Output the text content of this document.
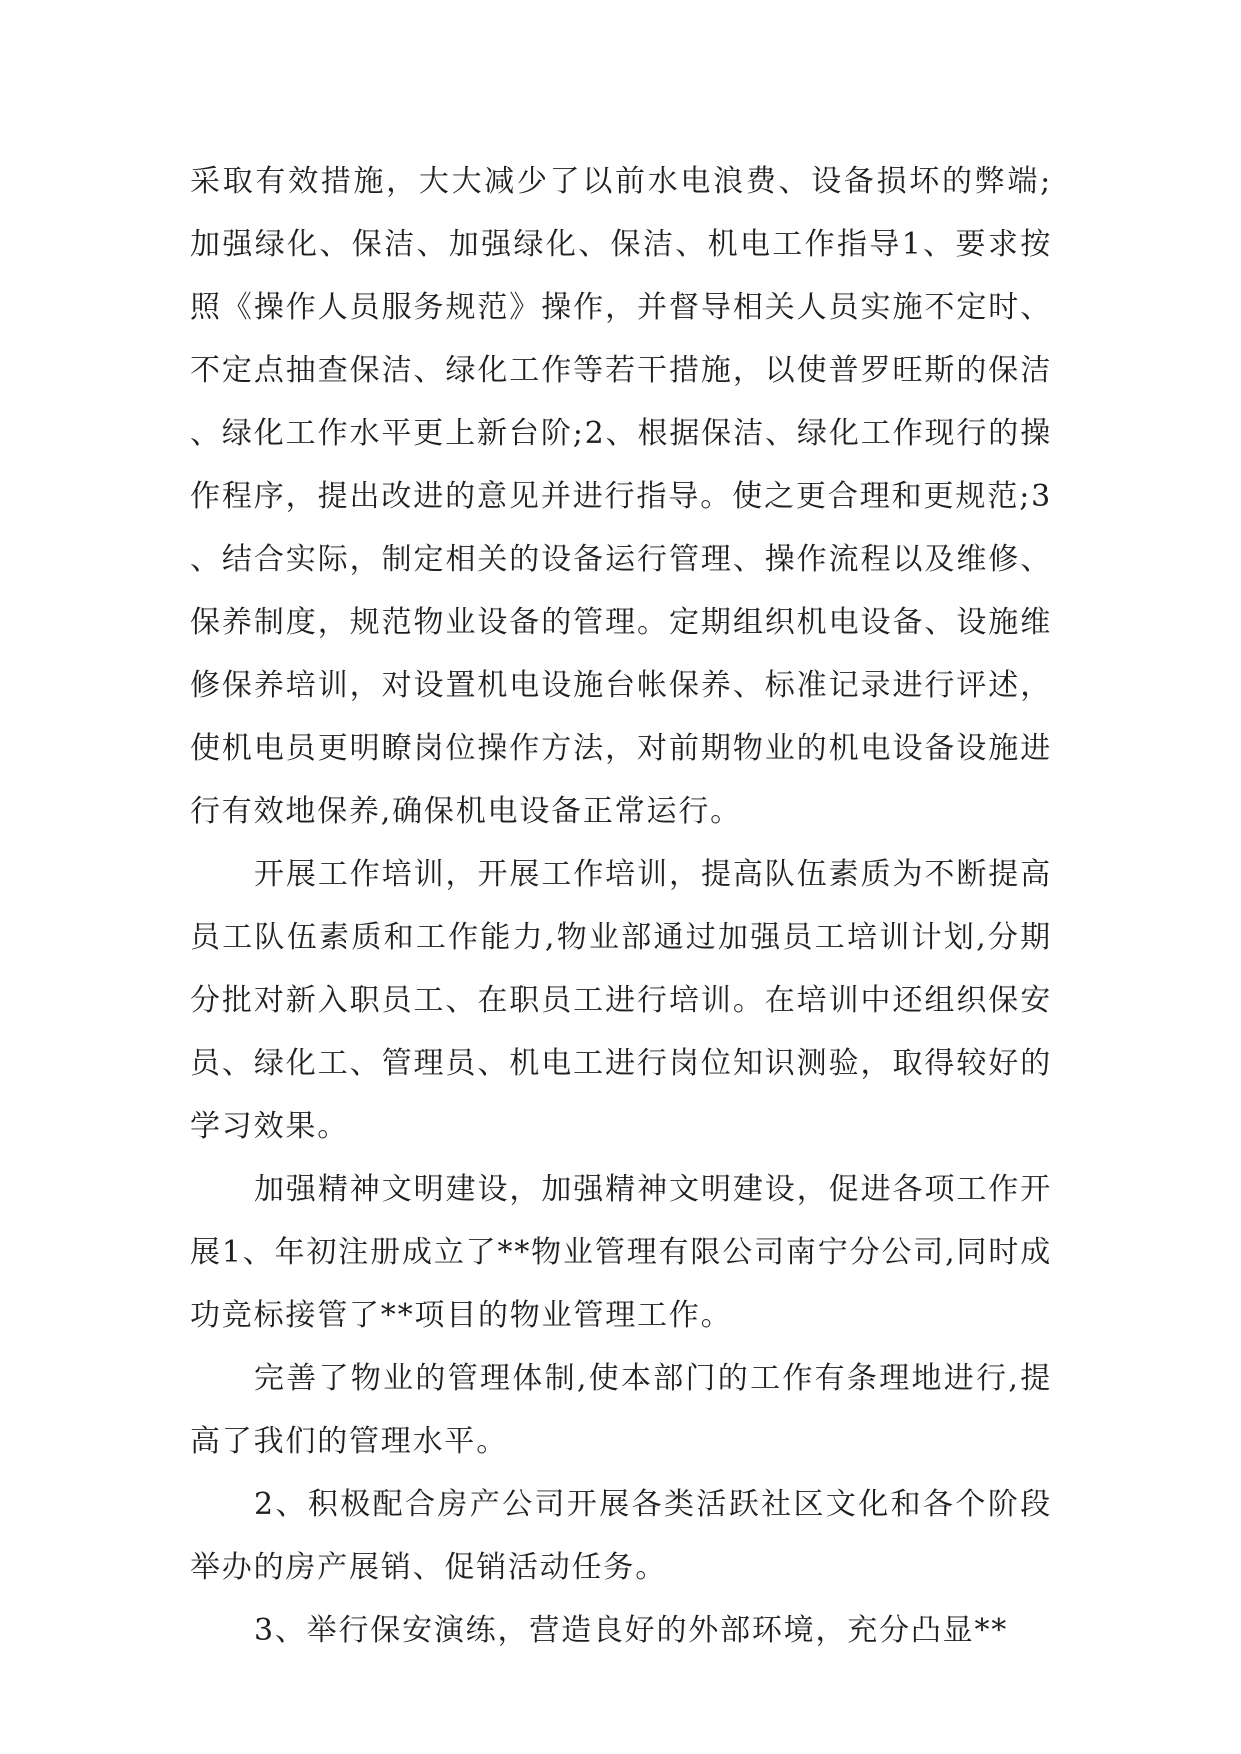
采取有效措施，大大减少了以前水电浪费、设备损坏的弊端;加强绿化、保洁、加强绿化、保洁、机电工作指导1、要求按照《操作人员服务规范》操作，并督导相关人员实施不定时、不定点抽查保洁、绿化工作等若干措施，以使普罗旺斯的保洁、绿化工作水平更上新台阶;2、根据保洁、绿化工作现行的操作程序，提出改进的意见并进行指导。使之更合理和更规范;3、结合实际，制定相关的设备运行管理、操作流程以及维修、保养制度，规范物业设备的管理。定期组织机电设备、设施维修保养培训，对设置机电设施台帐保养、标准记录进行评述，使机电员更明瞭岗位操作方法，对前期物业的机电设备设施进行有效地保养,确保机电设备正常运行。

开展工作培训，开展工作培训，提高队伍素质为不断提高员工队伍素质和工作能力,物业部通过加强员工培训计划,分期分批对新入职员工、在职员工进行培训。在培训中还组织保安员、绿化工、管理员、机电工进行岗位知识测验，取得较好的学习效果。

加强精神文明建设，加强精神文明建设，促进各项工作开展1、年初注册成立了**物业管理有限公司南宁分公司,同时成功竞标接管了**项目的物业管理工作。

完善了物业的管理体制,使本部门的工作有条理地进行,提高了我们的管理水平。

2、积极配合房产公司开展各类活跃社区文化和各个阶段举办的房产展销、促销活动任务。

3、举行保安演练，营造良好的外部环境，充分凸显**
